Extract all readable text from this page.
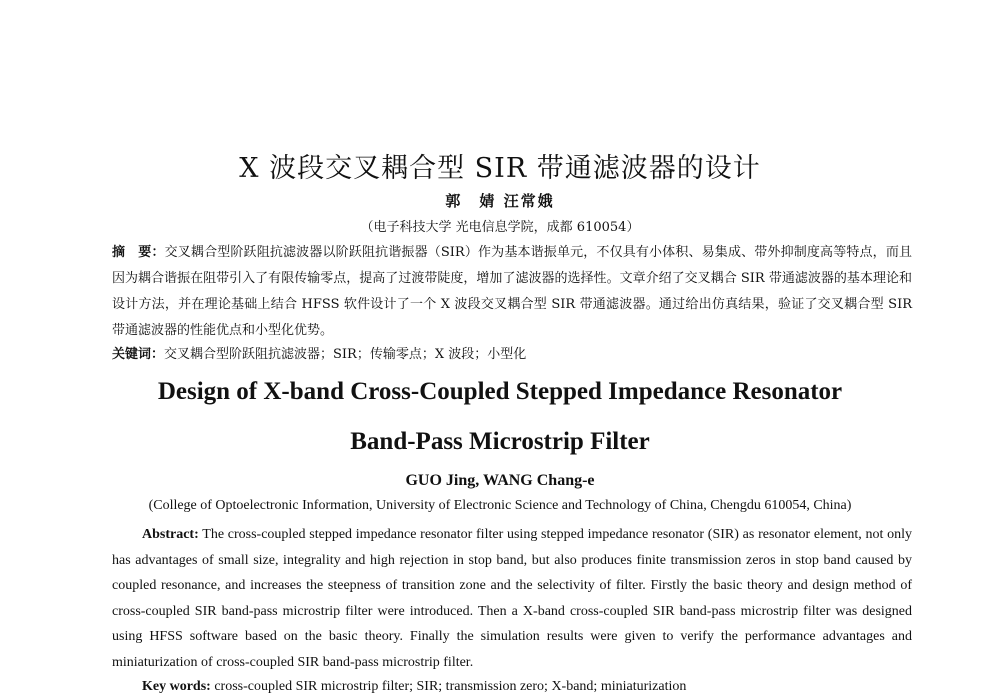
X 波段交叉耦合型 SIR 带通滤波器的设计
郭　婧 汪常娥
（电子科技大学 光电信息学院，成都 610054）
摘　要：交叉耦合型阶跃阻抗滤波器以阶跃阻抗谐振器（SIR）作为基本谐振单元，不仅具有小体积、易集成、带外抑制度高等特点，而且因为耦合谐振在阻带引入了有限传输零点，提高了过渡带陡度，增加了滤波器的选择性。文章介绍了交叉耦合 SIR 带通滤波器的基本理论和设计方法，并在理论基础上结合 HFSS 软件设计了一个 X 波段交叉耦合型 SIR 带通滤波器。通过给出仿真结果，验证了交叉耦合型 SIR 带通滤波器的性能优点和小型化优势。
关键词：交叉耦合型阶跃阻抗滤波器；SIR；传输零点；X 波段；小型化
Design of X-band Cross-Coupled Stepped Impedance Resonator
Band-Pass Microstrip Filter
GUO Jing, WANG Chang-e
(College of Optoelectronic Information, University of Electronic Science and Technology of China, Chengdu 610054, China)
Abstract: The cross-coupled stepped impedance resonator filter using stepped impedance resonator (SIR) as resonator element, not only has advantages of small size, integrality and high rejection in stop band, but also produces finite transmission zeros in stop band caused by coupled resonance, and increases the steepness of transition zone and the selectivity of filter. Firstly the basic theory and design method of cross-coupled SIR band-pass microstrip filter were introduced. Then a X-band cross-coupled SIR band-pass microstrip filter was designed using HFSS software based on the basic theory. Finally the simulation results were given to verify the performance advantages and miniaturization of cross-coupled SIR band-pass microstrip filter.
Key words: cross-coupled SIR microstrip filter; SIR; transmission zero; X-band; miniaturization
